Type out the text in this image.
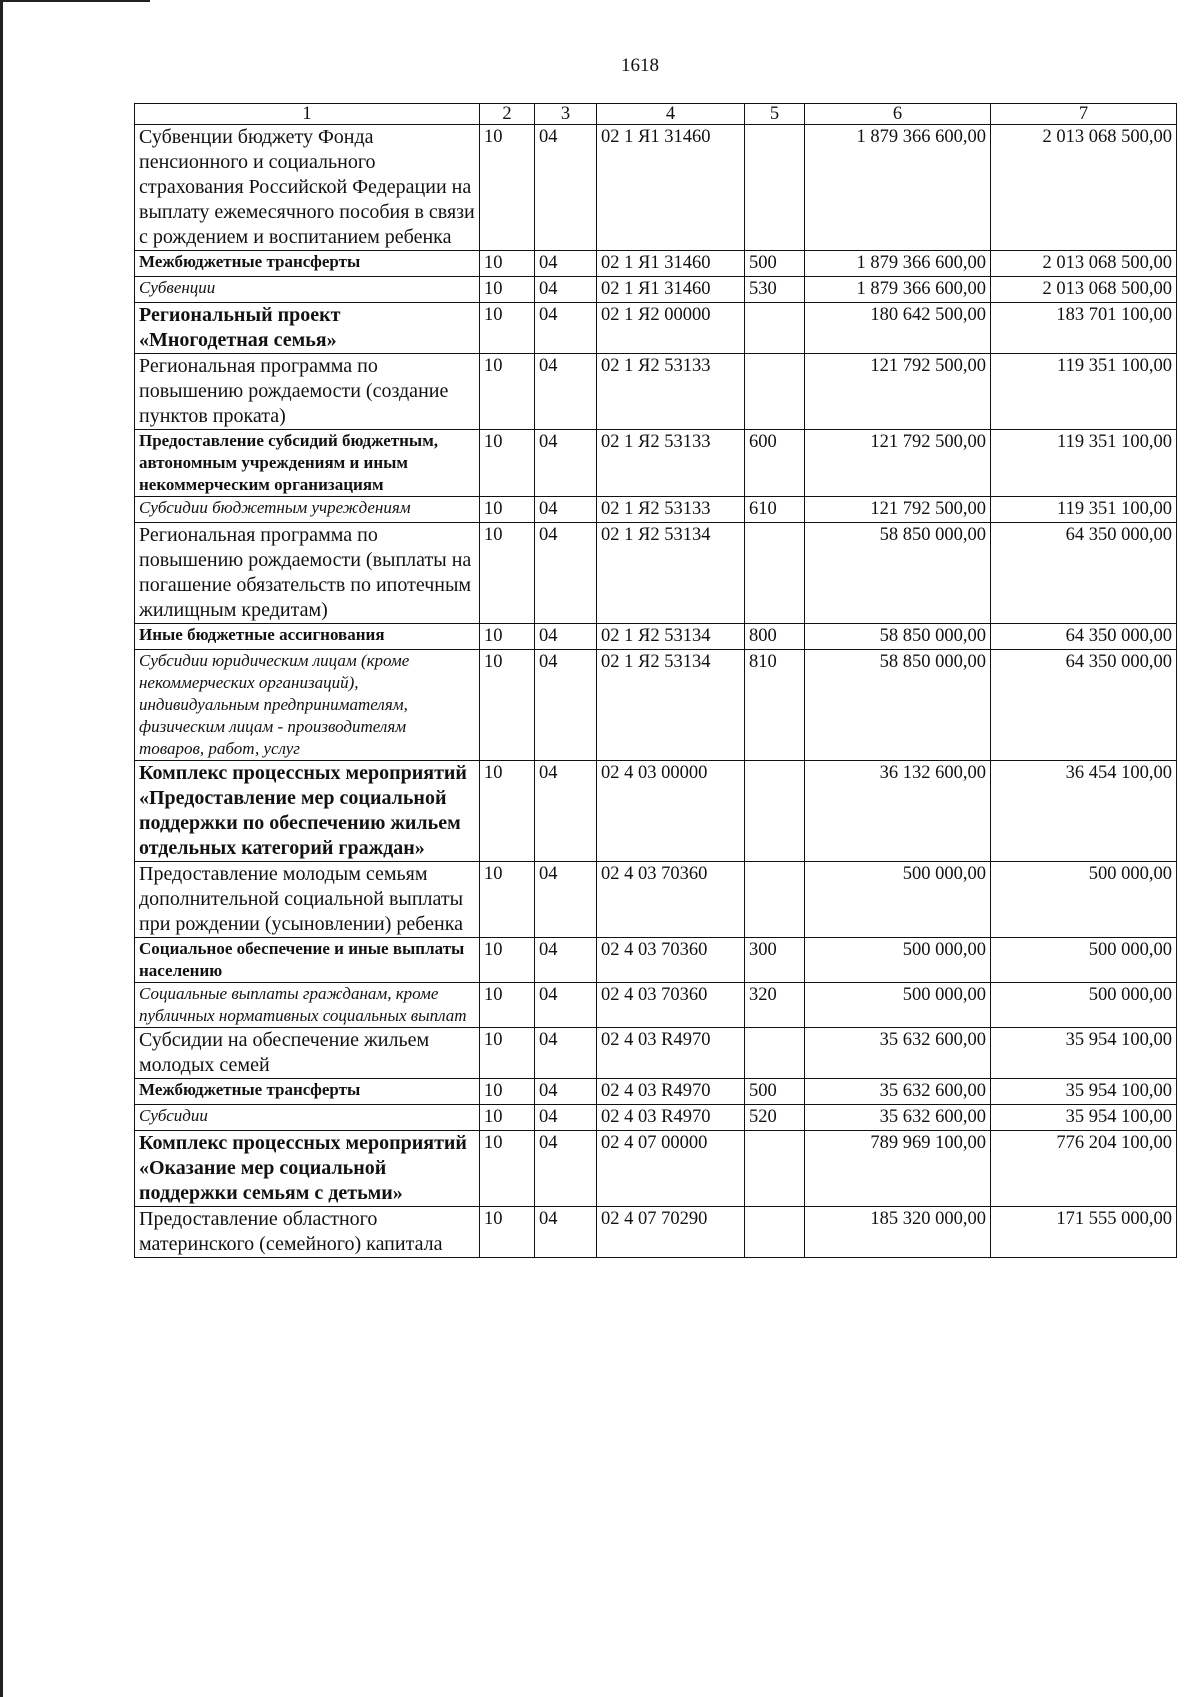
1618
1	2	3	4	5	6	7
Субвенции бюджету Фонда пенсионного и социального страхования Российской Федерации на выплату ежемесячного пособия в связи с рождением и воспитанием ребенка	10	04	02 1 Я1 31460		1 879 366 600,00	2 013 068 500,00
Межбюджетные трансферты	10	04	02 1 Я1 31460	500	1 879 366 600,00	2 013 068 500,00
Субвенции	10	04	02 1 Я1 31460	530	1 879 366 600,00	2 013 068 500,00
Региональный проект «Многодетная семья»	10	04	02 1 Я2 00000		180 642 500,00	183 701 100,00
Региональная программа по повышению рождаемости (создание пунктов проката)	10	04	02 1 Я2 53133		121 792 500,00	119 351 100,00
Предоставление субсидий бюджетным, автономным учреждениям и иным некоммерческим организациям	10	04	02 1 Я2 53133	600	121 792 500,00	119 351 100,00
Субсидии бюджетным учреждениям	10	04	02 1 Я2 53133	610	121 792 500,00	119 351 100,00
Региональная программа по повышению рождаемости (выплаты на погашение обязательств по ипотечным жилищным кредитам)	10	04	02 1 Я2 53134		58 850 000,00	64 350 000,00
Иные бюджетные ассигнования	10	04	02 1 Я2 53134	800	58 850 000,00	64 350 000,00
Субсидии юридическим лицам (кроме некоммерческих организаций), индивидуальным предпринимателям, физическим лицам - производителям товаров, работ, услуг	10	04	02 1 Я2 53134	810	58 850 000,00	64 350 000,00
Комплекс процессных мероприятий «Предоставление мер социальной поддержки по обеспечению жильем отдельных категорий граждан»	10	04	02 4 03 00000		36 132 600,00	36 454 100,00
Предоставление молодым семьям дополнительной социальной выплаты при рождении (усыновлении) ребенка	10	04	02 4 03 70360		500 000,00	500 000,00
Социальное обеспечение и иные выплаты населению	10	04	02 4 03 70360	300	500 000,00	500 000,00
Социальные выплаты гражданам, кроме публичных нормативных социальных выплат	10	04	02 4 03 70360	320	500 000,00	500 000,00
Субсидии на обеспечение жильем молодых семей	10	04	02 4 03 R4970		35 632 600,00	35 954 100,00
Межбюджетные трансферты	10	04	02 4 03 R4970	500	35 632 600,00	35 954 100,00
Субсидии	10	04	02 4 03 R4970	520	35 632 600,00	35 954 100,00
Комплекс процессных мероприятий «Оказание мер социальной поддержки семьям с детьми»	10	04	02 4 07 00000		789 969 100,00	776 204 100,00
Предоставление областного материнского (семейного) капитала	10	04	02 4 07 70290		185 320 000,00	171 555 000,00
